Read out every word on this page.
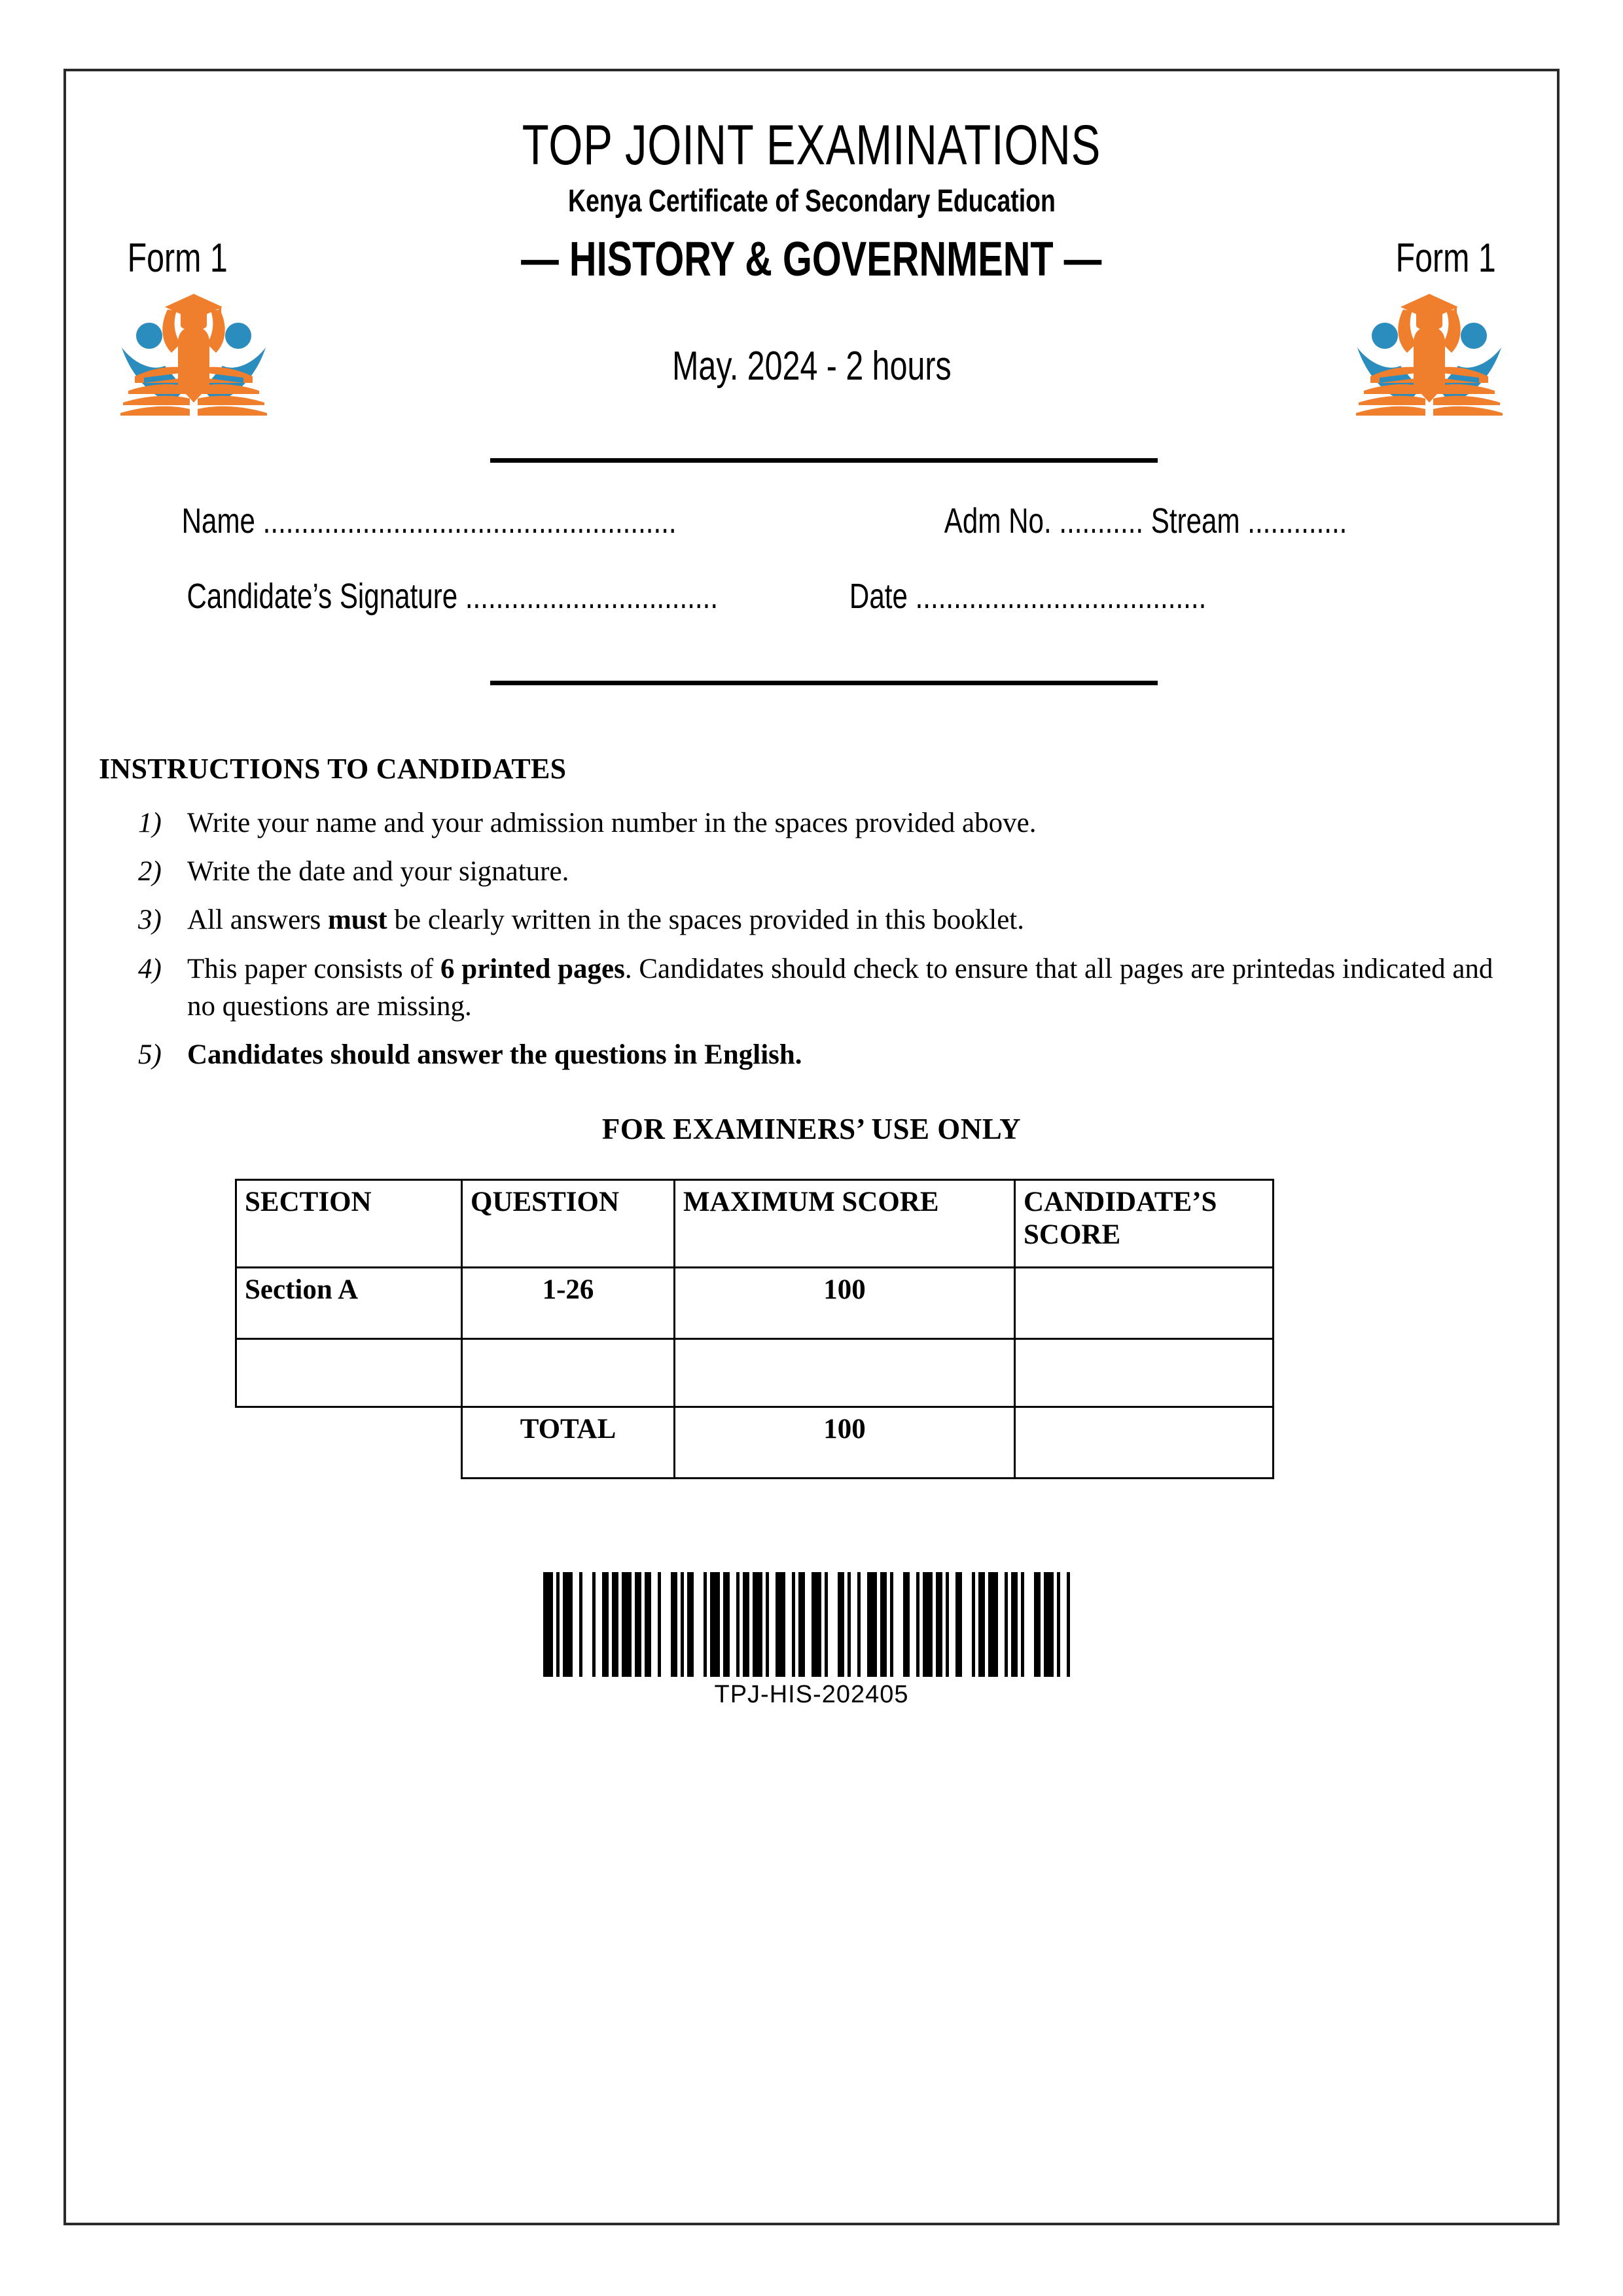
TOP JOINT EXAMINATIONS
Kenya Certificate of Secondary Education
Form 1	— HISTORY & GOVERNMENT —	Form 1
May. 2024 - 2 hours
Name ......................................................	Adm No. ........... Stream .............
Candidate’s Signature .................................	Date ......................................
INSTRUCTIONS TO CANDIDATES
1) Write your name and your admission number in the spaces provided above.
2) Write the date and your signature.
3) All answers must be clearly written in the spaces provided in this booklet.
4) This paper consists of 6 printed pages. Candidates should check to ensure that all pages are printedas indicated and no questions are missing.
5) Candidates should answer the questions in English.
FOR EXAMINERS’ USE ONLY
SECTION	QUESTION	MAXIMUM SCORE	CANDIDATE’S SCORE
Section A	1-26	100	

	TOTAL	100	
TPJ-HIS-202405
